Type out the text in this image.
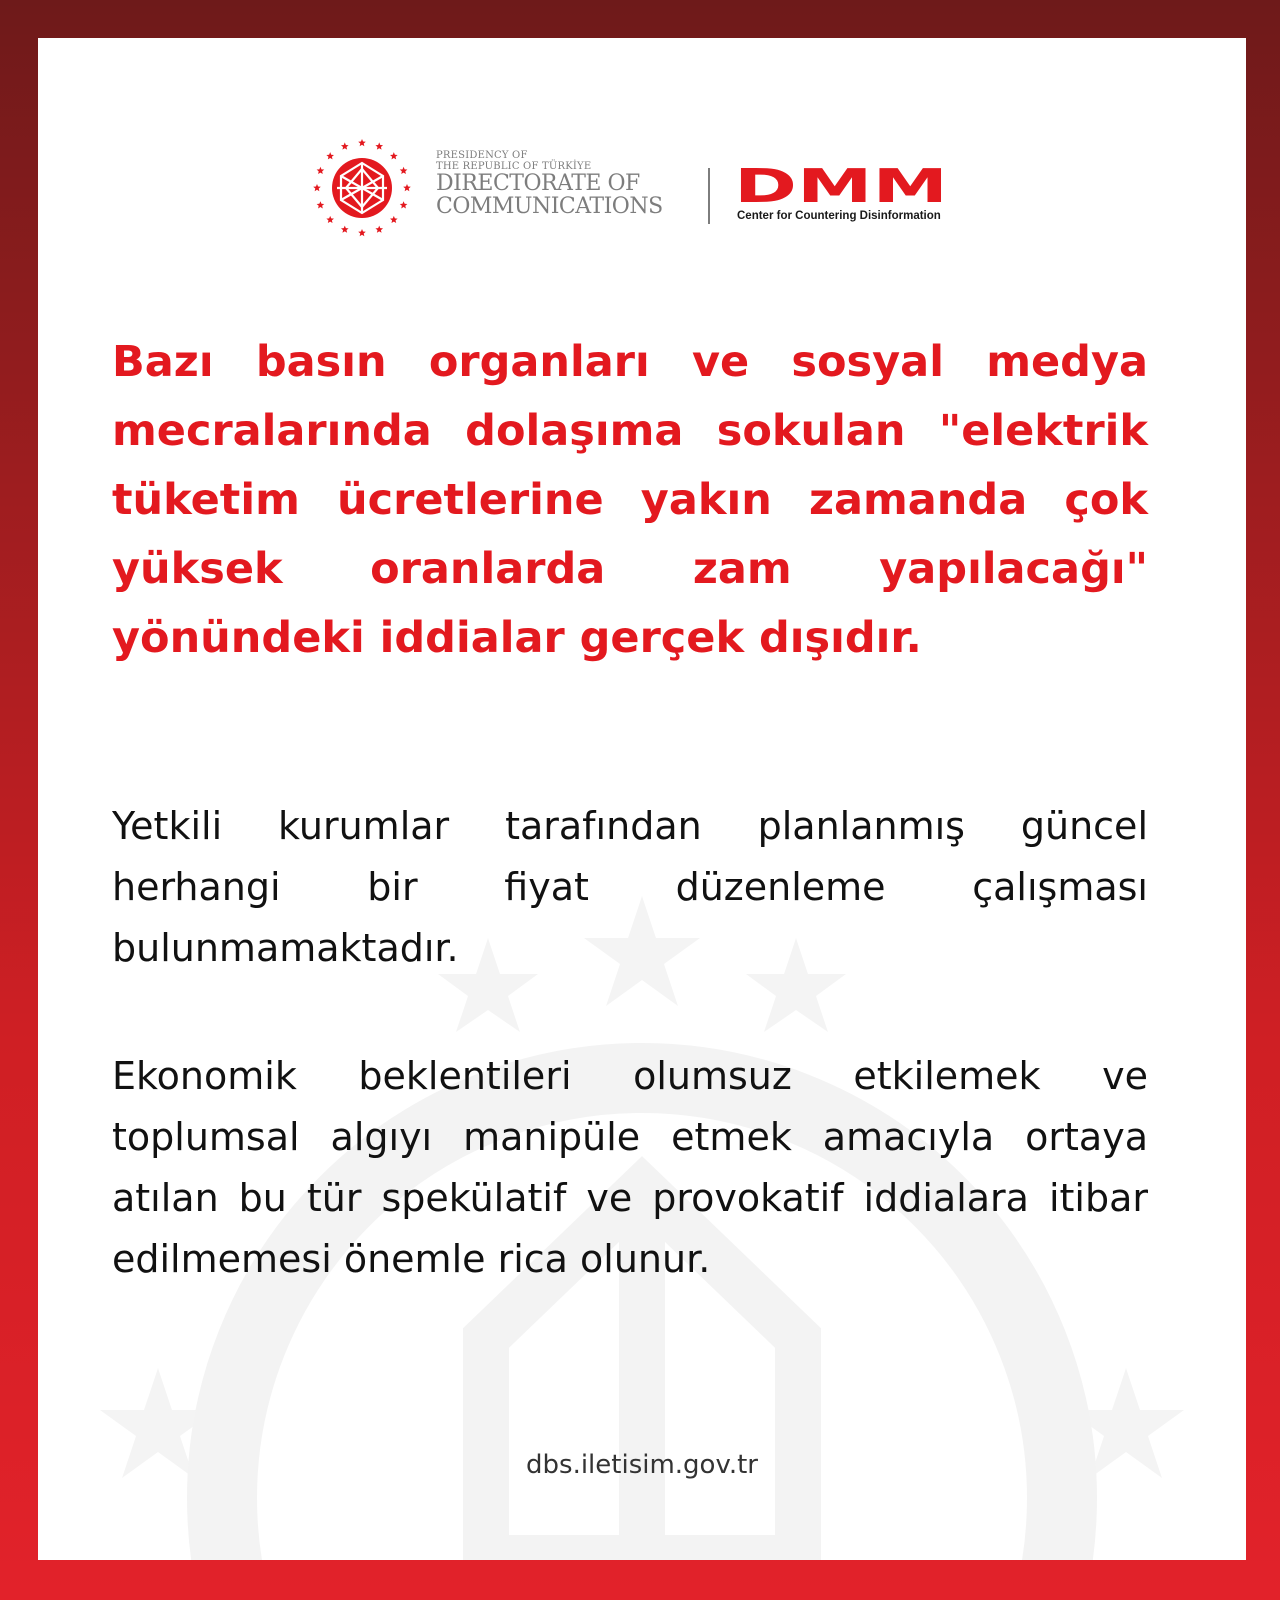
PRESIDENCY OF
THE REPUBLIC OF TÜRKİYE
DIRECTORATE OF
COMMUNICATIONS DMM
Center for Countering Disinformation

Bazı basın organları ve sosyal medya mecralarında dolaşıma sokulan "elektrik tüketim ücretlerine yakın zamanda çok yüksek oranlarda zam yapılacağı" yönündeki iddialar gerçek dışıdır.

Yetkili kurumlar tarafından planlanmış güncel herhangi bir fiyat düzenleme çalışması bulunmamaktadır.

Ekonomik beklentileri olumsuz etkilemek ve toplumsal algıyı manipüle etmek amacıyla ortaya atılan bu tür spekülatif ve provokatif iddialara itibar edilmemesi önemle rica olunur.

dbs.iletisim.gov.tr
